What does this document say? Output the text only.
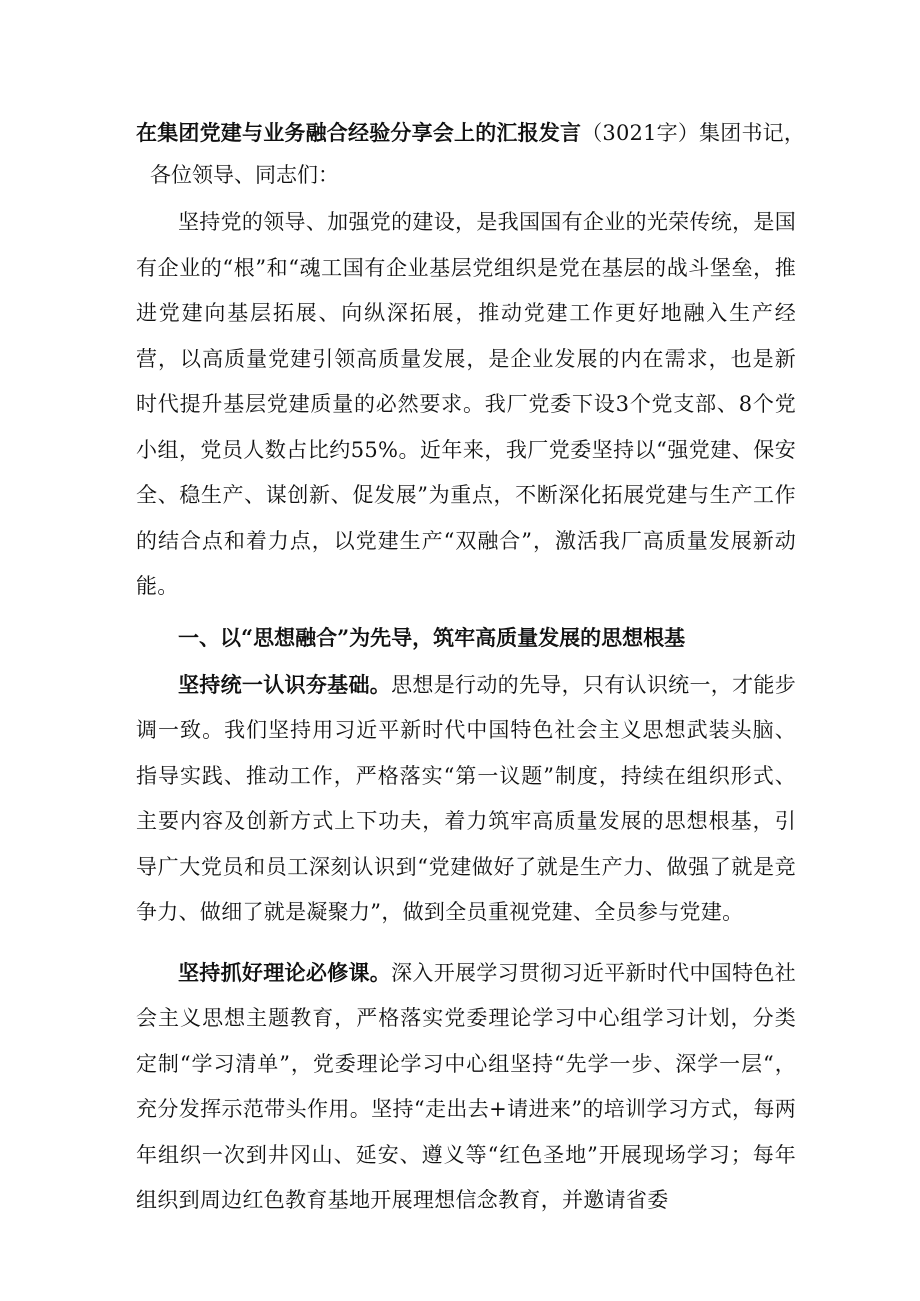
在集团党建与业务融合经验分享会上的汇报发言（3021字）集团书记，
各位领导、同志们：

坚持党的领导、加强党的建设，是我国国有企业的光荣传统，是国有企业的“根”和“魂工国有企业基层党组织是党在基层的战斗堡垒，推进党建向基层拓展、向纵深拓展，推动党建工作更好地融入生产经营，以高质量党建引领高质量发展，是企业发展的内在需求，也是新时代提升基层党建质量的必然要求。我厂党委下设3个党支部、8个党小组，党员人数占比约55%。近年来，我厂党委坚持以“强党建、保安全、稳生产、谋创新、促发展”为重点，不断深化拓展党建与生产工作的结合点和着力点，以党建生产“双融合”，激活我厂高质量发展新动能。

一、以“思想融合”为先导，筑牢高质量发展的思想根基

坚持统一认识夯基础。思想是行动的先导，只有认识统一，才能步调一致。我们坚持用习近平新时代中国特色社会主义思想武装头脑、指导实践、推动工作，严格落实“第一议题”制度，持续在组织形式、主要内容及创新方式上下功夫，着力筑牢高质量发展的思想根基，引导广大党员和员工深刻认识到“党建做好了就是生产力、做强了就是竞争力、做细了就是凝聚力”，做到全员重视党建、全员参与党建。

坚持抓好理论必修课。深入开展学习贯彻习近平新时代中国特色社会主义思想主题教育，严格落实党委理论学习中心组学习计划，分类定制“学习清单”，党委理论学习中心组坚持“先学一步、深学一层“，充分发挥示范带头作用。坚持“走出去+请进来”的培训学习方式，每两年组织一次到井冈山、延安、遵义等“红色圣地”开展现场学习；每年组织到周边红色教育基地开展理想信念教育，并邀请省委
